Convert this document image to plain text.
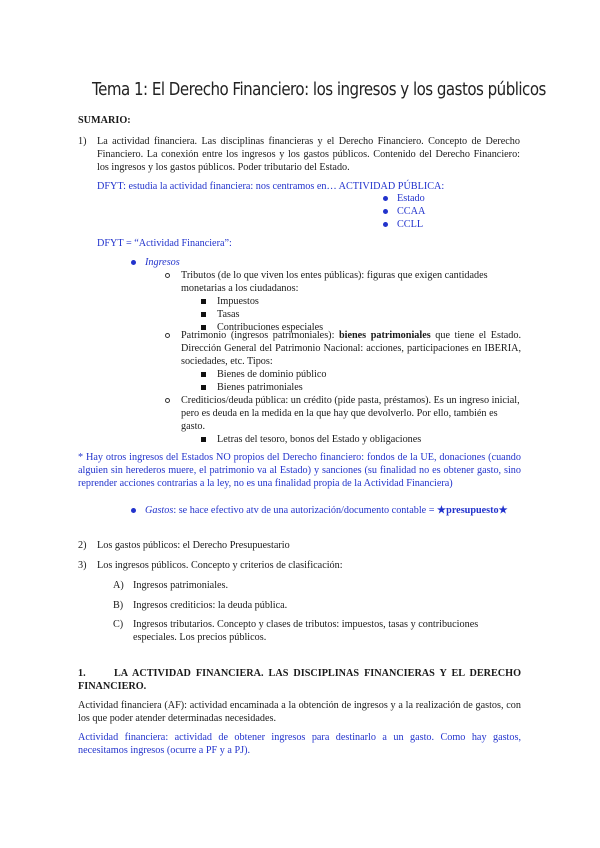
Tema 1: El Derecho Financiero: los ingresos y los gastos públicos
SUMARIO:
1) La actividad financiera. Las disciplinas financieras y el Derecho Financiero. Concepto de Derecho Financiero. La conexión entre los ingresos y los gastos públicos. Contenido del Derecho Financiero: los ingresos y los gastos públicos. Poder tributario del Estado.
DFYT: estudia la actividad financiera: nos centramos en… ACTIVIDAD PÚBLICA:
Estado
CCAA
CCLL
DFYT = “Actividad Financiera”:
Ingresos
Tributos (de lo que viven los entes públicas): figuras que exigen cantidades monetarias a los ciudadanos:
Impuestos
Tasas
Contribuciones especiales
Patrimonio (ingresos patrimoniales): bienes patrimoniales que tiene el Estado. Dirección General del Patrimonio Nacional: acciones, participaciones en IBERIA, sociedades, etc. Tipos:
Bienes de dominio público
Bienes patrimoniales
Crediticios/deuda pública: un crédito (pide pasta, préstamos). Es un ingreso inicial, pero es deuda en la medida en la que hay que devolverlo. Por ello, también es gasto.
Letras del tesoro, bonos del Estado y obligaciones
* Hay otros ingresos del Estados NO propios del Derecho financiero: fondos de la UE, donaciones (cuando alguien sin herederos muere, el patrimonio va al Estado) y sanciones (su finalidad no es obtener gasto, sino reprender acciones contrarias a la ley, no es una finalidad propia de la Actividad Financiera)
Gastos: se hace efectivo atv de una autorización/documento contable = ★presupuesto★
2) Los gastos públicos: el Derecho Presupuestario
3) Los ingresos públicos. Concepto y criterios de clasificación:
A) Ingresos patrimoniales.
B) Ingresos crediticios: la deuda pública.
C) Ingresos tributarios. Concepto y clases de tributos: impuestos, tasas y contribuciones especiales. Los precios públicos.
1.	LA ACTIVIDAD FINANCIERA. LAS DISCIPLINAS FINANCIERAS Y EL DERECHO FINANCIERO.
Actividad financiera (AF): actividad encaminada a la obtención de ingresos y a la realización de gastos, con los que poder atender determinadas necesidades.
Actividad financiera: actividad de obtener ingresos para destinarlo a un gasto. Como hay gastos, necesitamos ingresos (ocurre a PF y a PJ).
